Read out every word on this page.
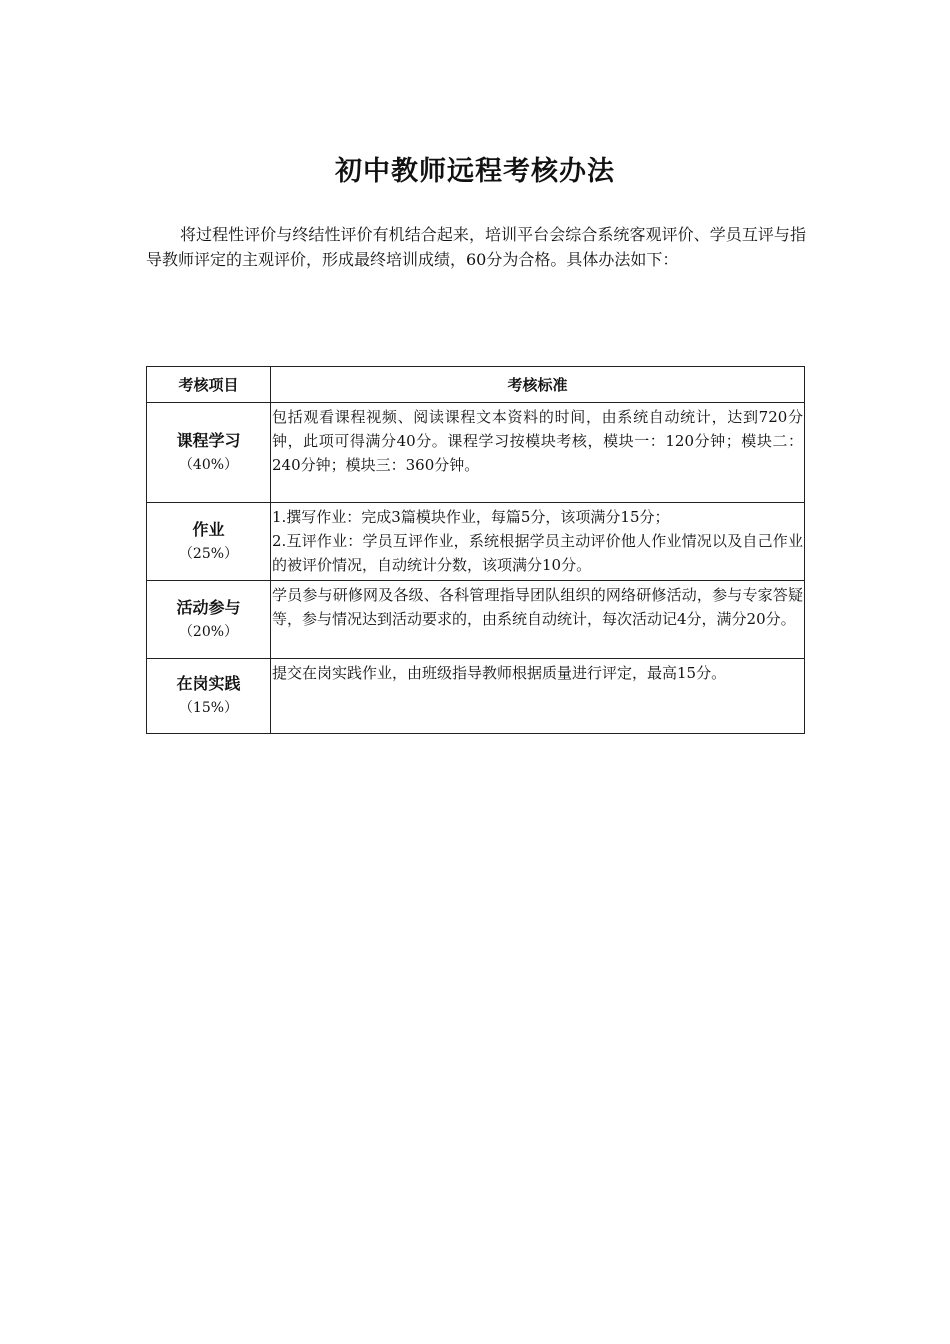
初中教师远程考核办法

将过程性评价与终结性评价有机结合起来，培训平台会综合系统客观评价、学员互评与指导教师评定的主观评价，形成最终培训成绩，60分为合格。具体办法如下：

考核项目	考核标准

课程学习
（40%）	包括观看课程视频、阅读课程文本资料的时间，由系统自动统计，达到720分钟，此项可得满分40分。课程学习按模块考核，模块一：120分钟；模块二：240分钟；模块三：360分钟。

作业
（25%）	1.撰写作业：完成3篇模块作业，每篇5分，该项满分15分；
2.互评作业：学员互评作业，系统根据学员主动评价他人作业情况以及自己作业的被评价情况，自动统计分数，该项满分10分。

活动参与
（20%）	学员参与研修网及各级、各科管理指导团队组织的网络研修活动，参与专家答疑等，参与情况达到活动要求的，由系统自动统计，每次活动记4分，满分20分。

在岗实践
（15%）	提交在岗实践作业，由班级指导教师根据质量进行评定，最高15分。
